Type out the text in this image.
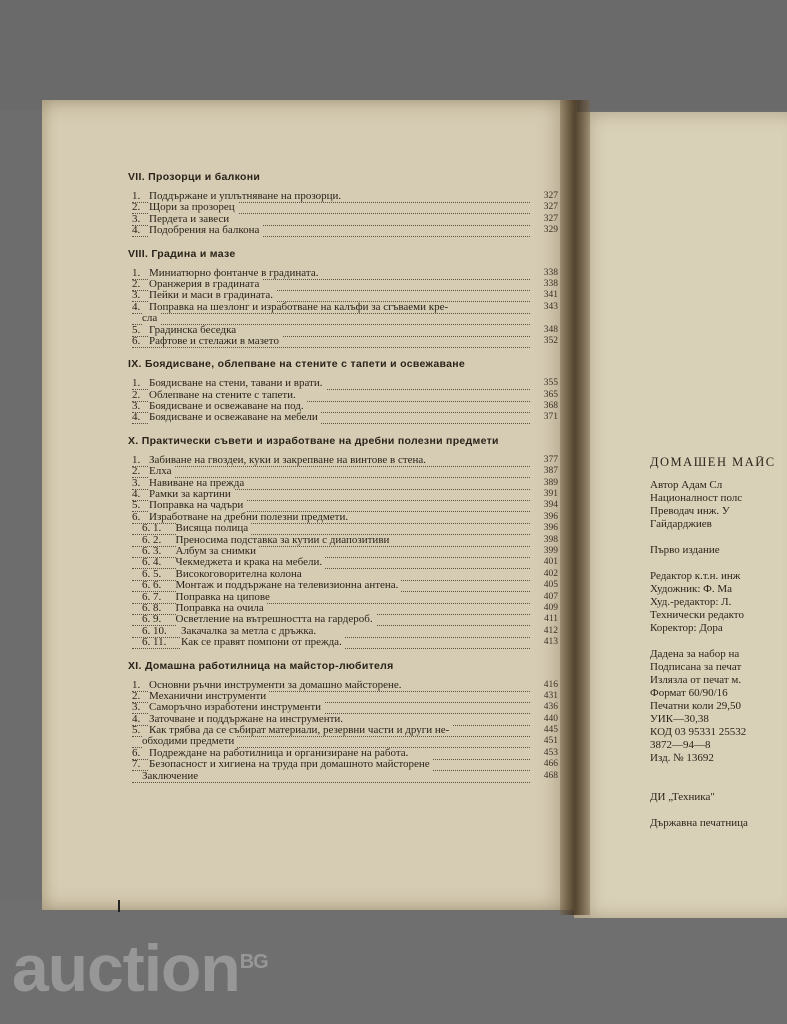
VII. Прозорци и балкони
1. Поддържане и уплътняване на прозорци.	327
2. Щори за прозорец	327
3. Пердета и завеси	327
4. Подобрения на балкона	329
VIII. Градина и мазе
1. Миниатюрно фонтанче в градината.	338
2. Оранжерия в градината	338
3. Пейки и маси в градината.	341
4. Поправка на шезлонг и изработване на калъфи за сгъваеми кре-	343
сла
5. Градинска беседка	348
6. Рафтове и стелажи в мазето	352
IX. Боядисване, облепване на стените с тапети и освежаване
1. Боядисване на стени, тавани и врати.	355
2. Облепване на стените с тапети.	365
3. Боядисване и освежаване на под.	368
4. Боядисване и освежаване на мебели	371
X. Практически съвети и изработване на дребни полезни предмети
1. Забиване на гвоздеи, куки и закрепване на винтове в стена.	377
2. Елха	387
3. Навиване на прежда	389
4. Рамки за картини	391
5. Поправка на чадъри	394
6. Изработване на дребни полезни предмети.	396
6. 1. Висяща полица	396
6. 2. Преносима подставка за кутии с диапозитиви	398
6. 3. Албум за снимки	399
6. 4. Чекмеджета и крака на мебели.	401
6. 5. Високоговорителна колона	402
6. 6. Монтаж и поддържане на телевизионна антена.	405
6. 7. Поправка на ципове	407
6. 8. Поправка на очила	409
6. 9. Осветление на вътрешността на гардероб.	411
6. 10. Закачалка за метла с дръжка.	412
6. 11. Как се правят помпони от прежда.	413
XI. Домашна работилница на майстор-любителя
1. Основни ръчни инструменти за домашно майсторене.	416
2. Механични инструменти	431
3. Саморъчно изработени инструменти	436
4. Заточване и поддържане на инструменти.	440
5. Как трябва да се събират материали, резервни части и други не-	445
обходими предмети	451
6. Подреждане на работилница и организиране на работа.	453
7. Безопасност и хигиена на труда при домашното майсторене	466
Заключение	468
ДОМАШЕН МАЙС
Автор Адам Сл
Националност полс
Преводач инж. У
Гайдарджиев
Първо издание
Редактор к.т.н. инж
Художник: Ф. Ма
Худ.-редактор: Л.
Технически редакто
Коректор: Дора
Дадена за набор на
Подписана за печат
Излязла от печат м.
Формат 60/90/16
Печатни коли 29,50
УИК—30,38
КОД 03 95331 25532
3872—94—8
Изд. № 13692
ДИ „Техника"
Държавна печатница
auction$^{BG}$
